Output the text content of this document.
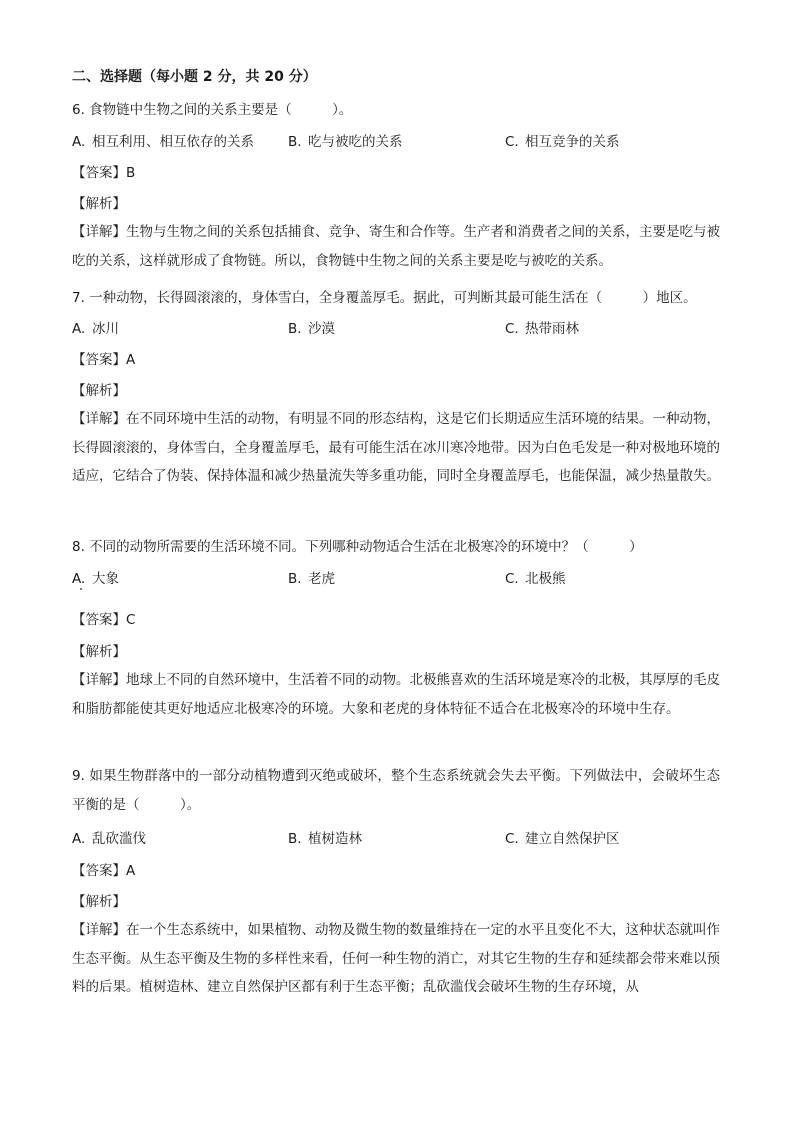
二、选择题（每小题 2 分，共 20 分）
6. 食物链中生物之间的关系主要是（　　　）。
A. 相互利用、相互依存的关系	B. 吃与被吃的关系	C. 相互竞争的关系
【答案】B
【解析】
【详解】生物与生物之间的关系包括捕食、竞争、寄生和合作等。生产者和消费者之间的关系，主要是吃与被吃的关系，这样就形成了食物链。所以，食物链中生物之间的关系主要是吃与被吃的关系。
7. 一种动物，长得圆滚滚的，身体雪白，全身覆盖厚毛。据此，可判断其最可能生活在（　　　）地区。
A. 冰川	B. 沙漠	C. 热带雨林
【答案】A
【解析】
【详解】在不同环境中生活的动物，有明显不同的形态结构，这是它们长期适应生活环境的结果。一种动物，长得圆滚滚的，身体雪白，全身覆盖厚毛，最有可能生活在冰川寒冷地带。因为白色毛发是一种对极地环境的适应，它结合了伪装、保持体温和减少热量流失等多重功能，同时全身覆盖厚毛，也能保温，减少热量散失。
8. 不同的动物所需要的生活环境不同。下列哪种动物适合生活在北极寒冷的环境中？（　　　）
A. 大象	B. 老虎	C. 北极熊
【答案】C
【解析】
【详解】地球上不同的自然环境中，生活着不同的动物。北极熊喜欢的生活环境是寒冷的北极，其厚厚的毛皮和脂肪都能使其更好地适应北极寒冷的环境。大象和老虎的身体特征不适合在北极寒冷的环境中生存。
9. 如果生物群落中的一部分动植物遭到灭绝或破坏，整个生态系统就会失去平衡。下列做法中，会破坏生态平衡的是（　　　）。
A. 乱砍滥伐	B. 植树造林	C. 建立自然保护区
【答案】A
【解析】
【详解】在一个生态系统中，如果植物、动物及微生物的数量维持在一定的水平且变化不大，这种状态就叫作生态平衡。从生态平衡及生物的多样性来看，任何一种生物的消亡，对其它生物的生存和延续都会带来难以预料的后果。植树造林、建立自然保护区都有利于生态平衡；乱砍滥伐会破坏生物的生存环境，从
